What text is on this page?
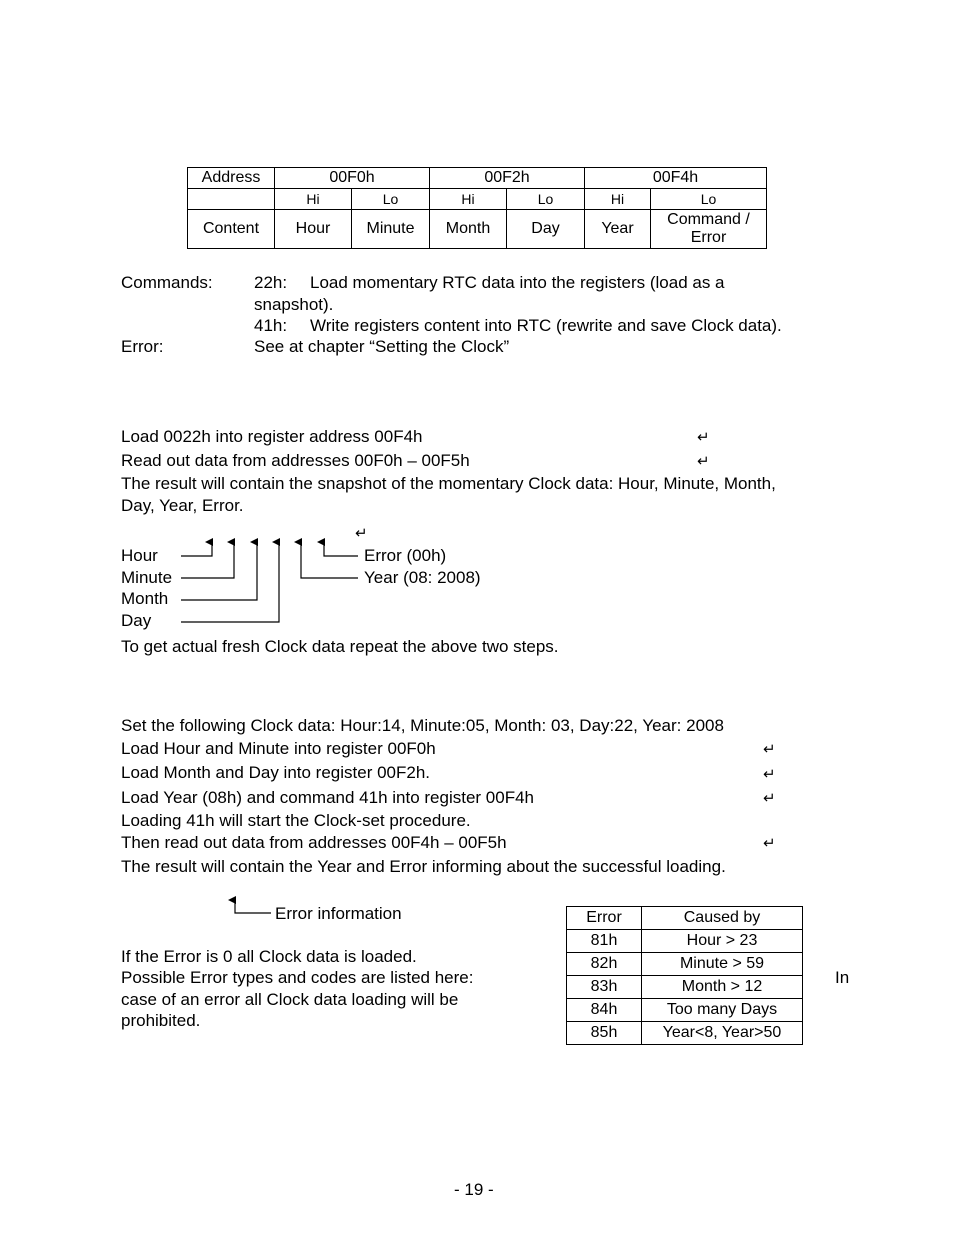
Address	00F0h		00F2h		00F4h	
	Hi	Lo	Hi	Lo	Hi	Lo
Content	Hour	Minute	Month	Day	Year	Command / Error
Commands: 22h: Load momentary RTC data into the registers (load as a
snapshot).
41h: Write registers content into RTC (rewrite and save Clock data).
Error:	See at chapter “Setting the Clock”
Load 0022h into register address 00F4h	↵
Read out data from addresses 00F0h – 00F5h	↵
The result will contain the snapshot of the momentary Clock data: Hour, Minute, Month,
Day, Year, Error.
↵
Hour
Minute
Month
Day
Error (00h)
Year (08: 2008)
To get actual fresh Clock data repeat the above two steps.
Set the following Clock data: Hour:14, Minute:05, Month: 03, Day:22, Year: 2008
Load Hour and Minute into register 00F0h	↵
Load Month and Day into register 00F2h.	↵
Load Year (08h) and command 41h into register 00F4h	↵
Loading 41h will start the Clock-set procedure.
Then read out data from addresses 00F4h – 00F5h	↵
The result will contain the Year and Error informing about the successful loading.
Error information
If the Error is 0 all Clock data is loaded.
Possible Error types and codes are listed here:	In
case of an error all Clock data loading will be
prohibited.
Error	Caused by
81h	Hour > 23
82h	Minute > 59
83h	Month > 12
84h	Too many Days
85h	Year<8, Year>50
- 19 -
